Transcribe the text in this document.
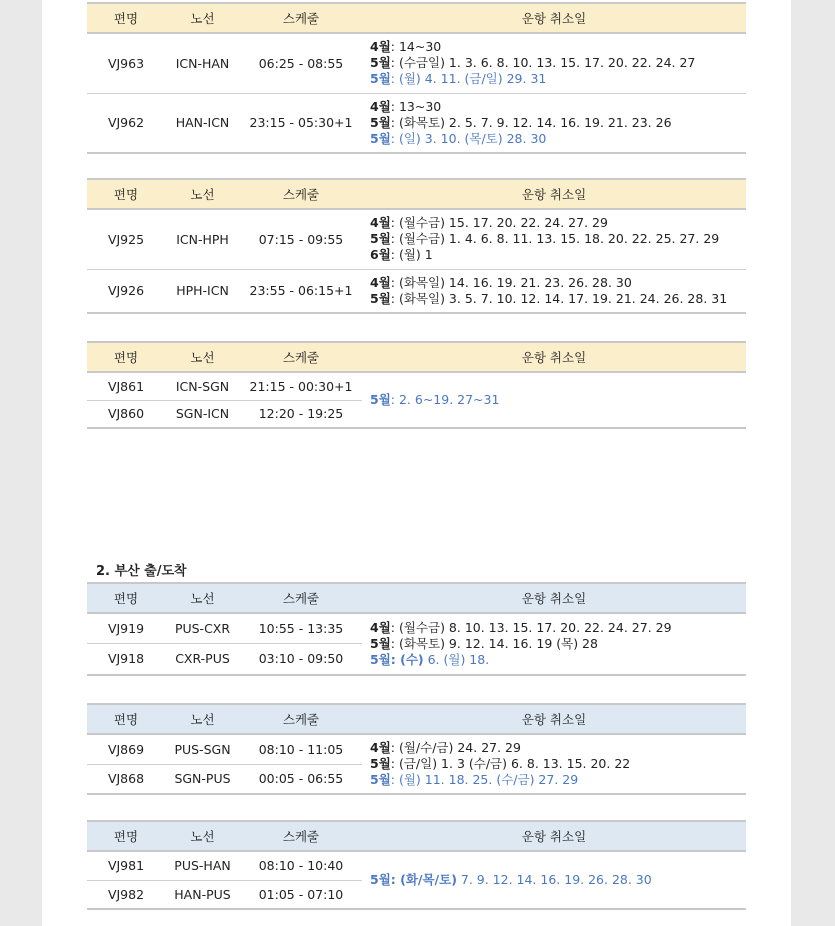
편명	노선	스케줄	운항 취소일
VJ963	ICN-HAN	06:25 - 08:55	4월: 14~30
5월: (수금일) 1. 3. 6. 8. 10. 13. 15. 17. 20. 22. 24. 27
5월: (월) 4. 11. (금/일) 29. 31

VJ962	HAN-ICN	23:15 - 05:30+1	4월: 13~30
5월: (화목토) 2. 5. 7. 9. 12. 14. 16. 19. 21. 23. 26
5월: (일) 3. 10. (목/토) 28. 30
편명	노선	스케줄	운항 취소일
VJ925	ICN-HPH	07:15 - 09:55	4월: (월수금) 15. 17. 20. 22. 24. 27. 29
5월: (월수금) 1. 4. 6. 8. 11. 13. 15. 18. 20. 22. 25. 27. 29
6월: (월) 1

VJ926	HPH-ICN	23:55 - 06:15+1	4월: (화목일) 14. 16. 19. 21. 23. 26. 28. 30
5월: (화목일) 3. 5. 7. 10. 12. 14. 17. 19. 21. 24. 26. 28. 31
편명	노선	스케줄	운항 취소일
VJ861	ICN-SGN	21:15 - 00:30+1	5월: 2. 6~19. 27~31

VJ860	SGN-ICN	12:20 - 19:25	
2. 부산 출/도착
편명	노선	스케줄	운항 취소일
VJ919	PUS-CXR	10:55 - 13:35	4월: (월수금) 8. 10. 13. 15. 17. 20. 22. 24. 27. 29
5월: (화목토) 9. 12. 14. 16. 19 (목) 28
5월: (수) 6. (월) 18.

VJ918	CXR-PUS	03:10 - 09:50	
편명	노선	스케줄	운항 취소일
VJ869	PUS-SGN	08:10 - 11:05	4월: (월/수/금) 24. 27. 29
5월: (금/일) 1. 3 (수/금) 6. 8. 13. 15. 20. 22
5월: (월) 11. 18. 25. (수/금) 27. 29

VJ868	SGN-PUS	00:05 - 06:55	
편명	노선	스케줄	운항 취소일
VJ981	PUS-HAN	08:10 - 10:40	5월: (화/목/토) 7. 9. 12. 14. 16. 19. 26. 28. 30

VJ982	HAN-PUS	01:05 - 07:10	
